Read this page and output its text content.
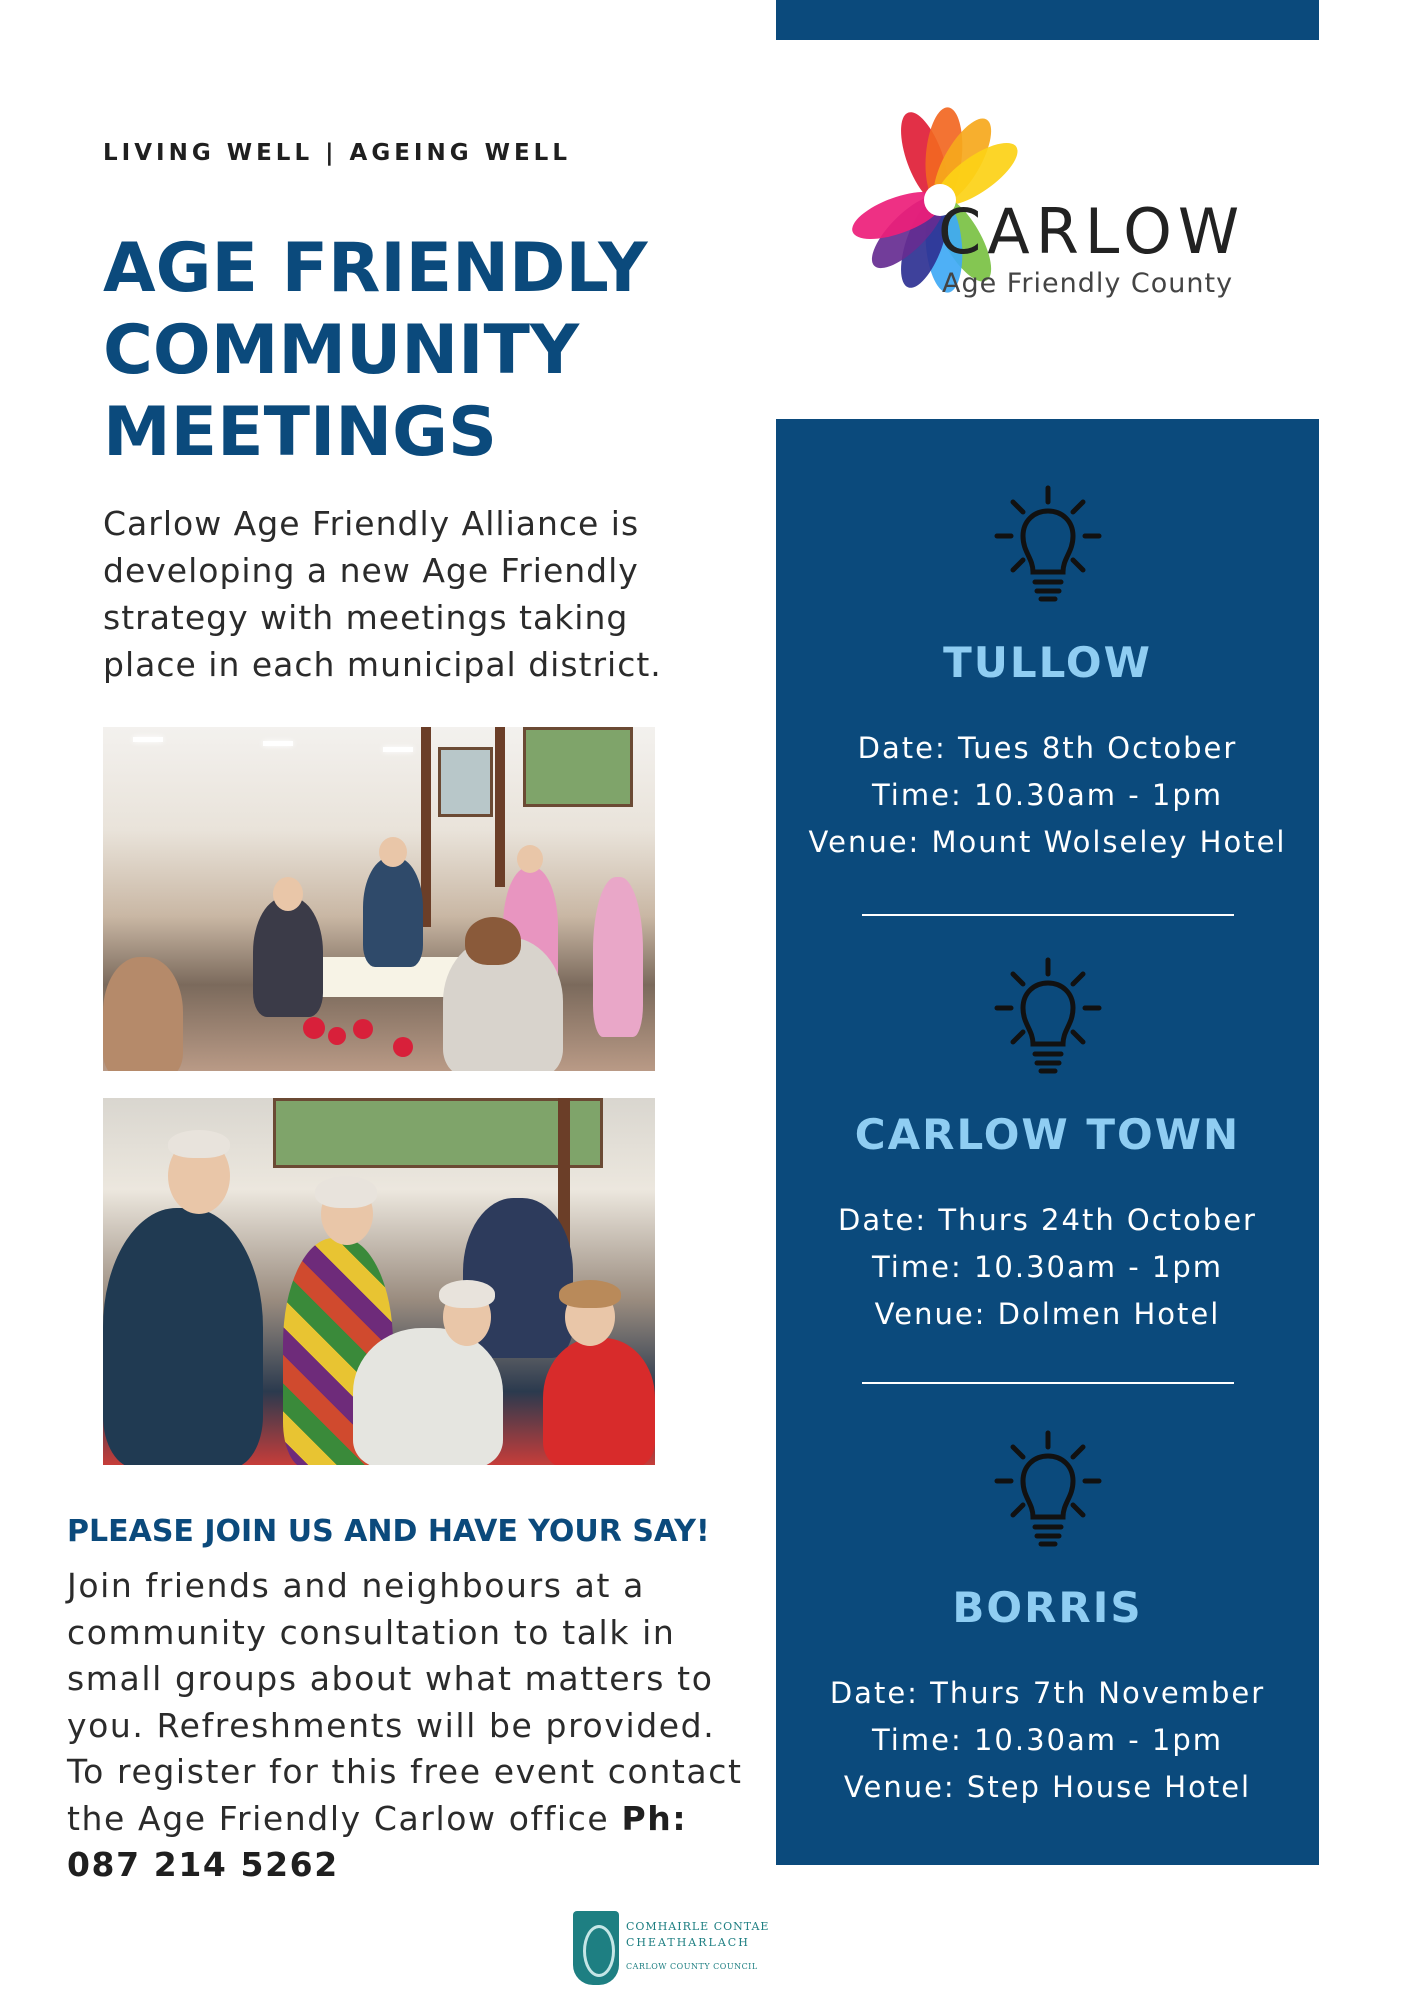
LIVING WELL | AGEING WELL
AGE FRIENDLY
COMMUNITY
MEETINGS

Carlow Age Friendly Alliance is developing a new Age Friendly strategy with meetings taking place in each municipal district.

PLEASE JOIN US AND HAVE YOUR SAY!

Join friends and neighbours at a community consultation to talk in small groups about what matters to you. Refreshments will be provided. To register for this free event contact the Age Friendly Carlow office Ph: 087 214 5262

CARLOW
Age Friendly County
TULLOW
Date: Tues 8th October
Time: 10.30am - 1pm
Venue: Mount Wolseley Hotel
CARLOW TOWN
Date: Thurs 24th October
Time: 10.30am - 1pm
Venue: Dolmen Hotel
BORRIS
Date: Thurs 7th November
Time: 10.30am - 1pm
Venue: Step House Hotel
COMHAIRLE CONTAE
CHEATHARLACH
CARLOW COUNTY COUNCIL
